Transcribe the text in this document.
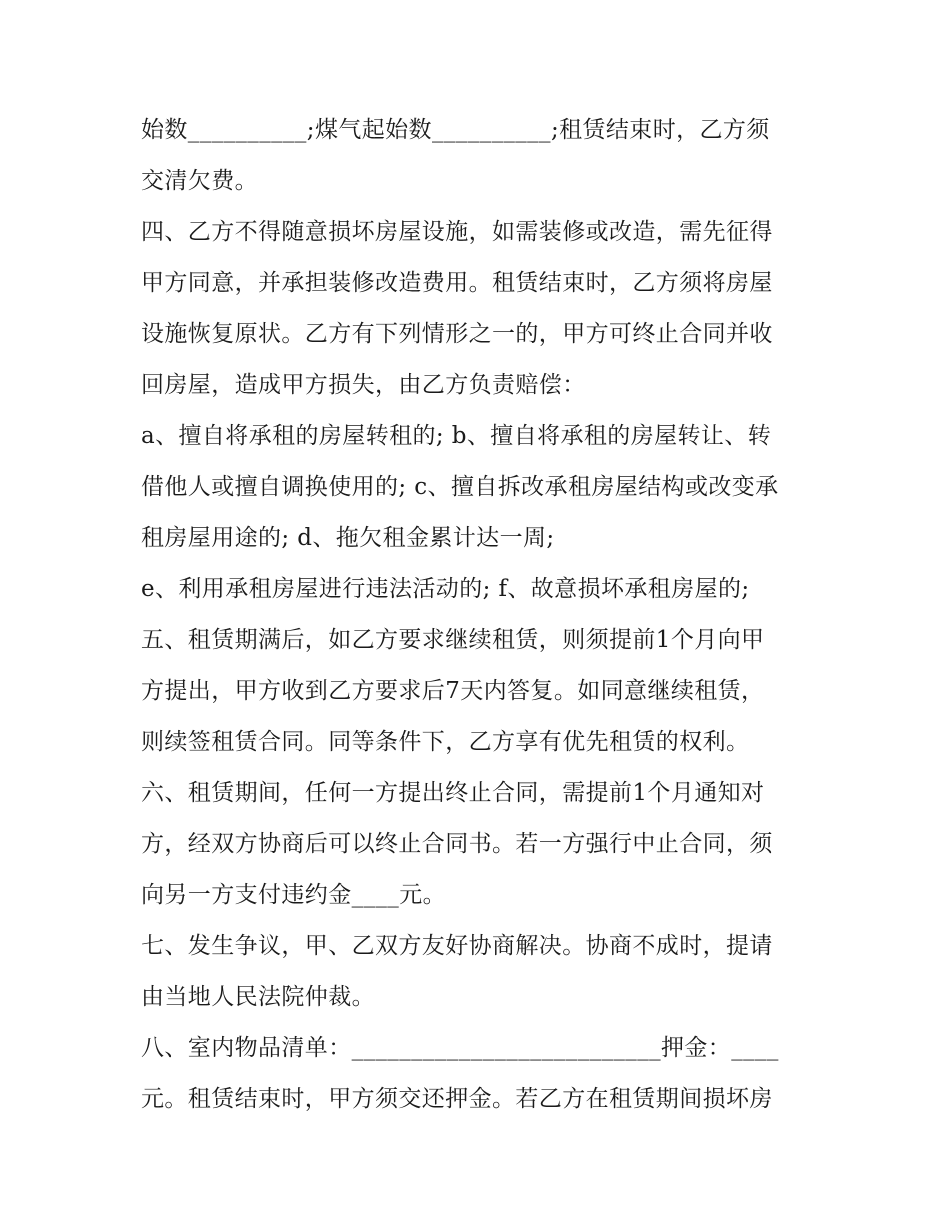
始数__________;煤气起始数__________;租赁结束时，乙方须
交清欠费。
四、乙方不得随意损坏房屋设施，如需装修或改造，需先征得
甲方同意，并承担装修改造费用。租赁结束时，乙方须将房屋
设施恢复原状。乙方有下列情形之一的，甲方可终止合同并收
回房屋，造成甲方损失，由乙方负责赔偿：
a、擅自将承租的房屋转租的; b、擅自将承租的房屋转让、转
借他人或擅自调换使用的; c、擅自拆改承租房屋结构或改变承
租房屋用途的; d、拖欠租金累计达一周;
e、利用承租房屋进行违法活动的; f、故意损坏承租房屋的;
五、租赁期满后，如乙方要求继续租赁，则须提前1个月向甲
方提出，甲方收到乙方要求后7天内答复。如同意继续租赁，
则续签租赁合同。同等条件下，乙方享有优先租赁的权利。
六、租赁期间，任何一方提出终止合同，需提前1个月通知对
方，经双方协商后可以终止合同书。若一方强行中止合同，须
向另一方支付违约金____元。
七、发生争议，甲、乙双方友好协商解决。协商不成时，提请
由当地人民法院仲裁。
八、室内物品清单：__________________________押金：____
元。租赁结束时，甲方须交还押金。若乙方在租赁期间损坏房
